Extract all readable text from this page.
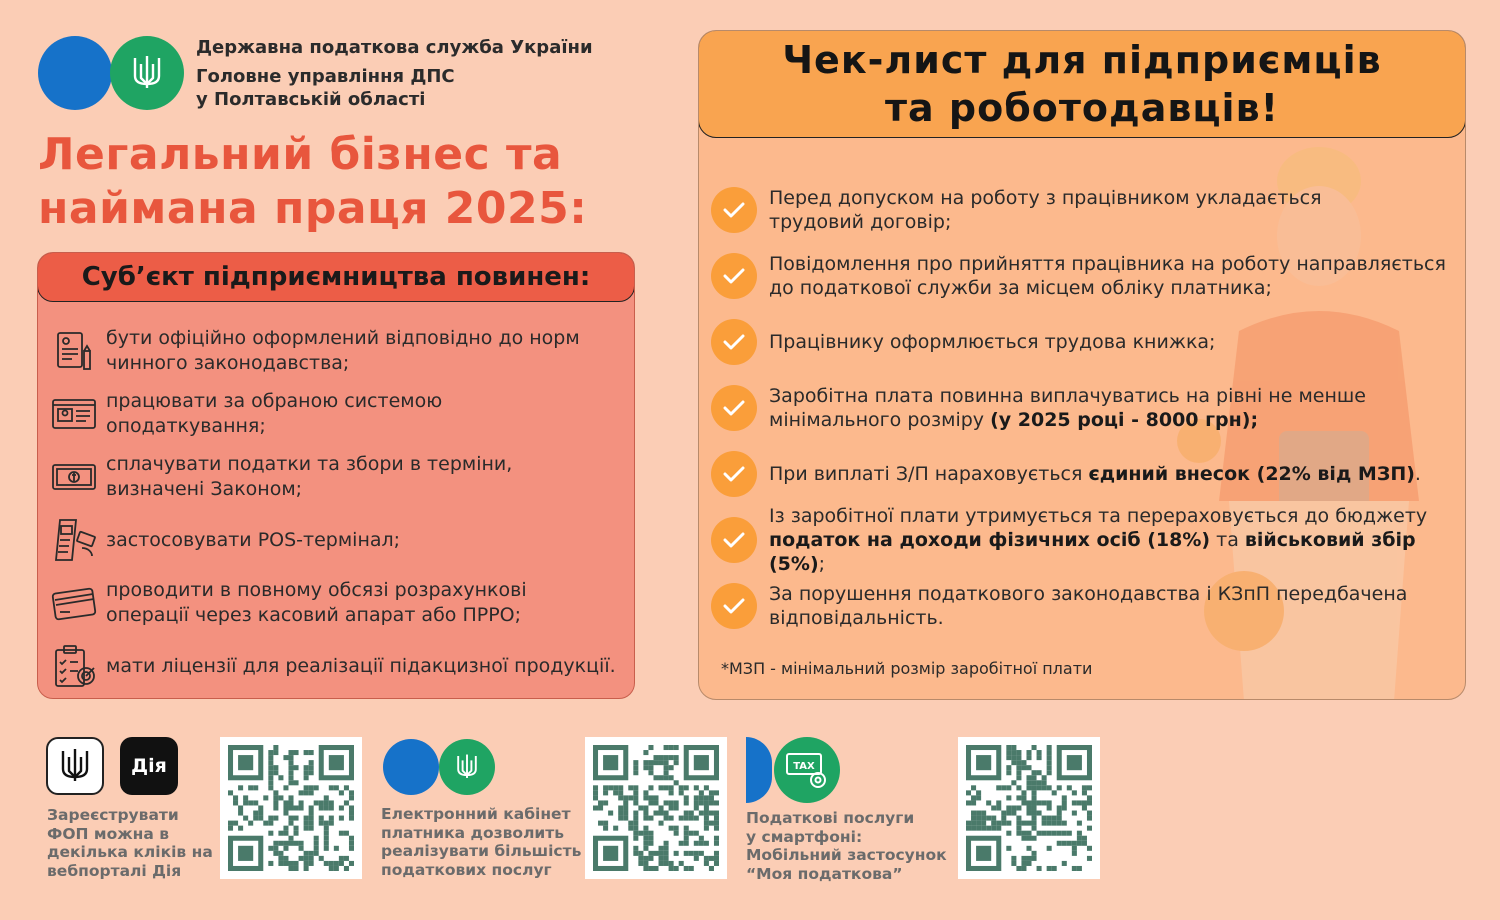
Державна податкова служба України
Головне управління ДПС
у Полтавській області
Легальний бізнес та
наймана праця 2025:
Суб’єкт підприємництва повинен:
бути офіційно оформлений відповідно до норм
чинного законодавства;
працювати за обраною системою
оподаткування;
сплачувати податки та збори в терміни,
визначені Законом;
застосовувати POS-термінал;
проводити в повному обсязі розрахункові
операції через касовий апарат або ПРРО;
мати ліцензії для реалізації підакцизної продукції.
Чек-лист для підприємців
та роботодавців!
Перед допуском на роботу з працівником укладається трудовий договір;
Повідомлення про прийняття працівника на роботу направляється до податкової служби за місцем обліку платника;
Працівнику оформлюється трудова книжка;
Заробітна плата повинна виплачуватись на рівні не менше мінімального розміру (у 2025 році - 8000 грн);
При виплаті З/П нараховується єдиний внесок (22% від МЗП).
Із заробітної плати утримується та перераховується до бюджету податок на доходи фізичних осіб (18%) та військовий збір (5%);
За порушення податкового законодавства і КЗпП передбачена відповідальність.
*МЗП - мінімальний розмір заробітної плати
Дія
Зареєструвати
ФОП можна в
декілька кліків на
вебпорталі Дія
Електронний кабінет
платника дозволить
реалізувати більшість
податкових послуг
TAX
Податкові послуги
у смартфоні:
Мобільний застосунок
“Моя податкова”
